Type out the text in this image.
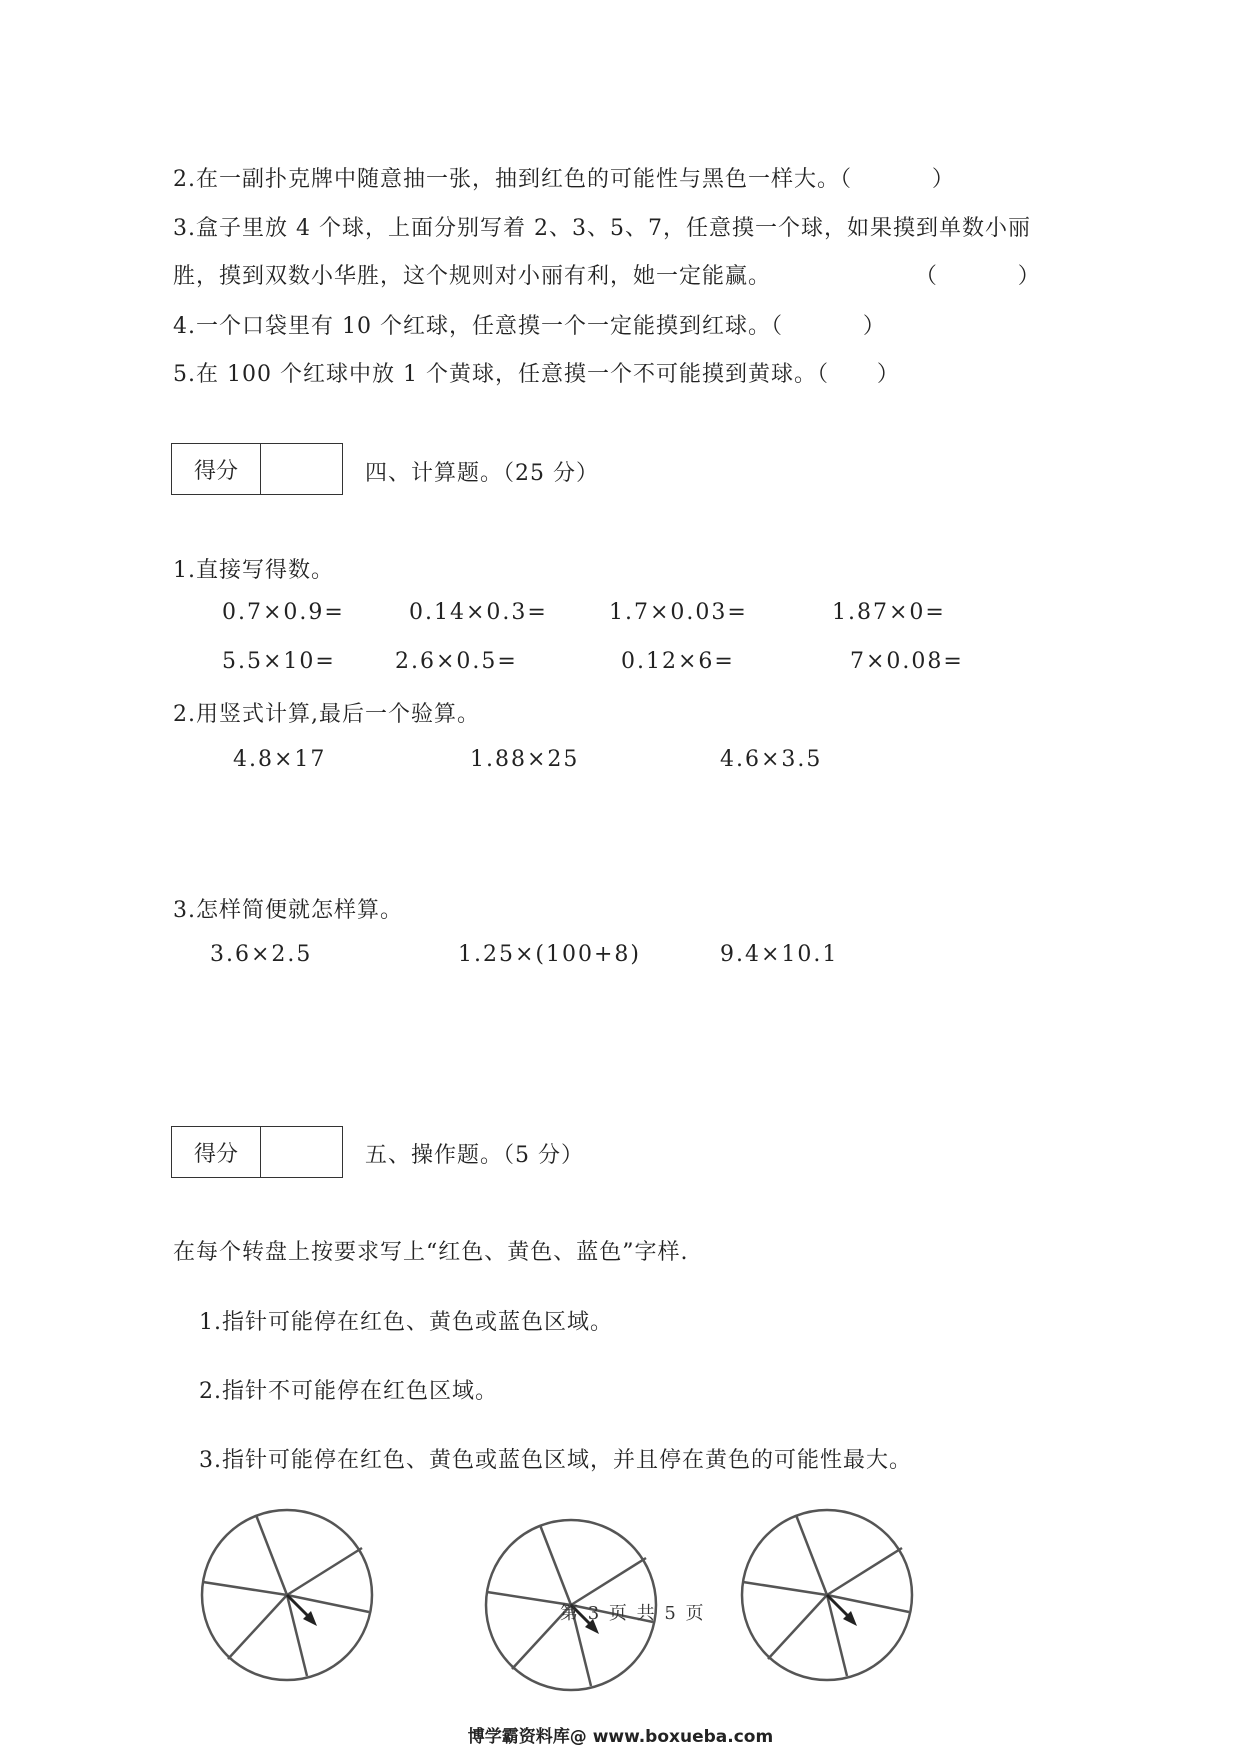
2.在一副扑克牌中随意抽一张，抽到红色的可能性与黑色一样大。（          ）
3.盒子里放 4 个球，上面分别写着 2、3、5、7，任意摸一个球，如果摸到单数小丽
胜，摸到双数小华胜，这个规则对小丽有利，她一定能赢。                  （          ）
4.一个口袋里有 10 个红球，任意摸一个一定能摸到红球。（          ）
5.在 100 个红球中放 1 个黄球，任意摸一个不可能摸到黄球。（      ）
得分	四、计算题。（25 分）
1.直接写得数。
0.7×0.9=	0.14×0.3=	1.7×0.03=	1.87×0=
5.5×10=	2.6×0.5=	0.12×6=	7×0.08=
2.用竖式计算,最后一个验算。
4.8×17	1.88×25	4.6×3.5
3.怎样简便就怎样算。
3.6×2.5	1.25×(100+8)	9.4×10.1
得分	五、操作题。（5 分）
在每个转盘上按要求写上“红色、黄色、蓝色”字样.
1.指针可能停在红色、黄色或蓝色区域。
2.指针不可能停在红色区域。
3.指针可能停在红色、黄色或蓝色区域，并且停在黄色的可能性最大。
第 3 页 共 5 页
博学霸资料库@ www.boxueba.com
